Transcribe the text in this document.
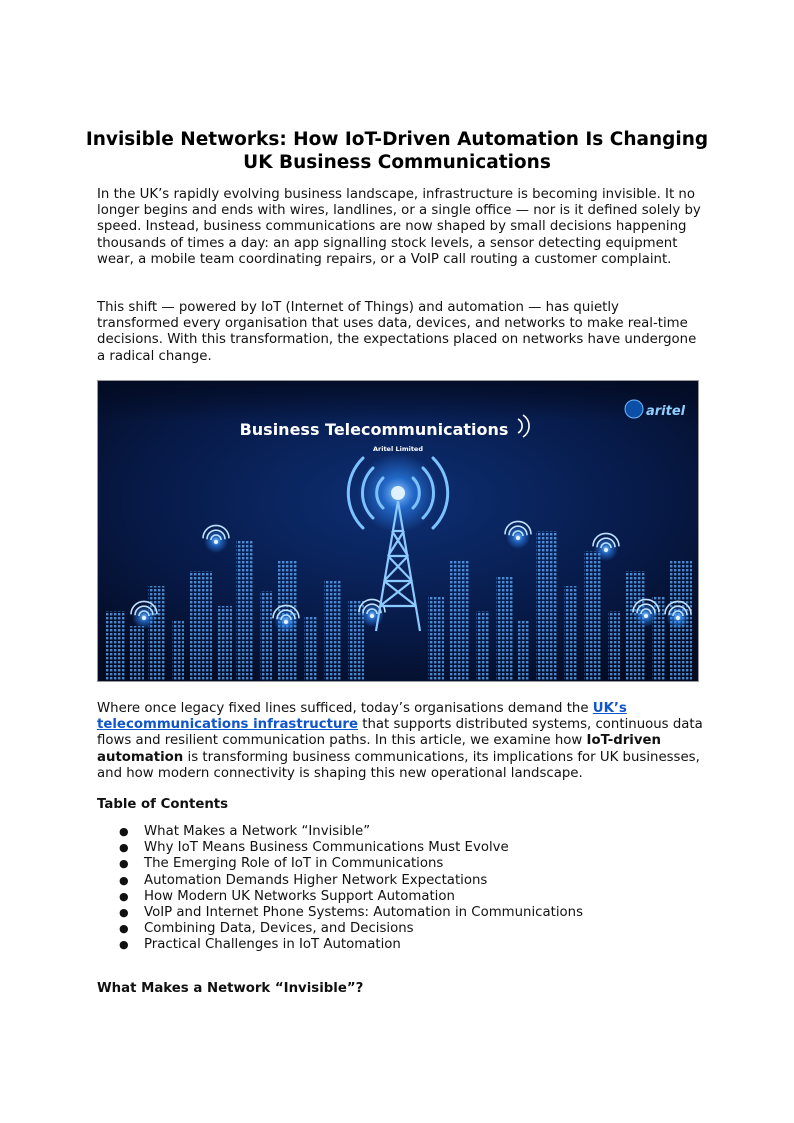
Invisible Networks: How IoT-Driven Automation Is Changing
UK Business Communications

In the UK’s rapidly evolving business landscape, infrastructure is becoming invisible. It no longer begins and ends with wires, landlines, or a single office — nor is it defined solely by speed. Instead, business communications are now shaped by small decisions happening thousands of times a day: an app signalling stock levels, a sensor detecting equipment wear, a mobile team coordinating repairs, or a VoIP call routing a customer complaint.

This shift — powered by IoT (Internet of Things) and automation — has quietly transformed every organisation that uses data, devices, and networks to make real-time decisions. With this transformation, the expectations placed on networks have undergone a radical change.

Business Telecommunications
Aritel Limited
aritel

Where once legacy fixed lines sufficed, today’s organisations demand the UK’s telecommunications infrastructure that supports distributed systems, continuous data flows and resilient communication paths. In this article, we examine how IoT-driven automation is transforming business communications, its implications for UK businesses, and how modern connectivity is shaping this new operational landscape.

Table of Contents

● What Makes a Network “Invisible”
● Why IoT Means Business Communications Must Evolve
● The Emerging Role of IoT in Communications
● Automation Demands Higher Network Expectations
● How Modern UK Networks Support Automation
● VoIP and Internet Phone Systems: Automation in Communications
● Combining Data, Devices, and Decisions
● Practical Challenges in IoT Automation

What Makes a Network “Invisible”?
